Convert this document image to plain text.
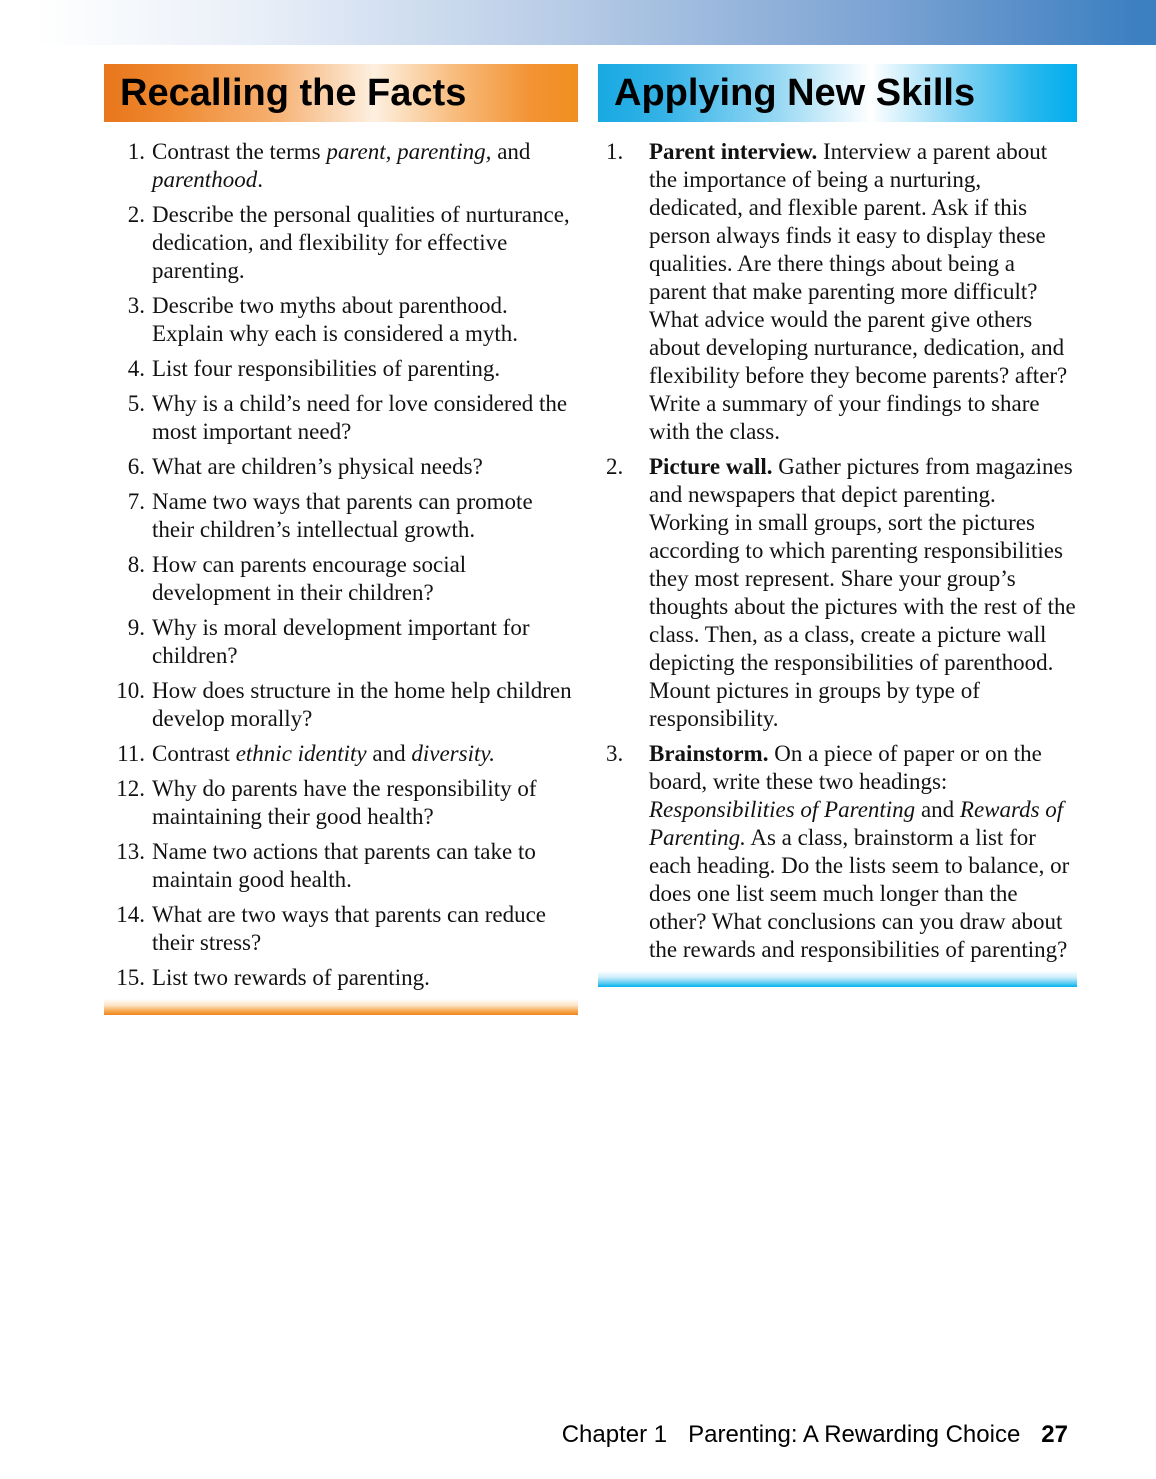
Recalling the Facts
1. Contrast the terms parent, parenting, and parenthood.
2. Describe the personal qualities of nurturance, dedication, and flexibility for effective parenting.
3. Describe two myths about parenthood. Explain why each is considered a myth.
4. List four responsibilities of parenting.
5. Why is a child’s need for love considered the most important need?
6. What are children’s physical needs?
7. Name two ways that parents can promote their children’s intellectual growth.
8. How can parents encourage social development in their children?
9. Why is moral development important for children?
10. How does structure in the home help children develop morally?
11. Contrast ethnic identity and diversity.
12. Why do parents have the responsibility of maintaining their good health?
13. Name two actions that parents can take to maintain good health.
14. What are two ways that parents can reduce their stress?
15. List two rewards of parenting.
Applying New Skills
1. Parent interview. Interview a parent about the importance of being a nurturing, dedicated, and flexible parent. Ask if this person always finds it easy to display these qualities. Are there things about being a parent that make parenting more difficult? What advice would the parent give others about developing nurturance, dedication, and flexibility before they become parents? after? Write a summary of your findings to share with the class.
2. Picture wall. Gather pictures from magazines and newspapers that depict parenting. Working in small groups, sort the pictures according to which parenting responsibilities they most represent. Share your group’s thoughts about the pictures with the rest of the class. Then, as a class, create a picture wall depicting the responsibilities of parenthood. Mount pictures in groups by type of responsibility.
3. Brainstorm. On a piece of paper or on the board, write these two headings: Responsibilities of Parenting and Rewards of Parenting. As a class, brainstorm a list for each heading. Do the lists seem to balance, or does one list seem much longer than the other? What conclusions can you draw about the rewards and responsibilities of parenting?
Chapter 1 Parenting: A Rewarding Choice 27
